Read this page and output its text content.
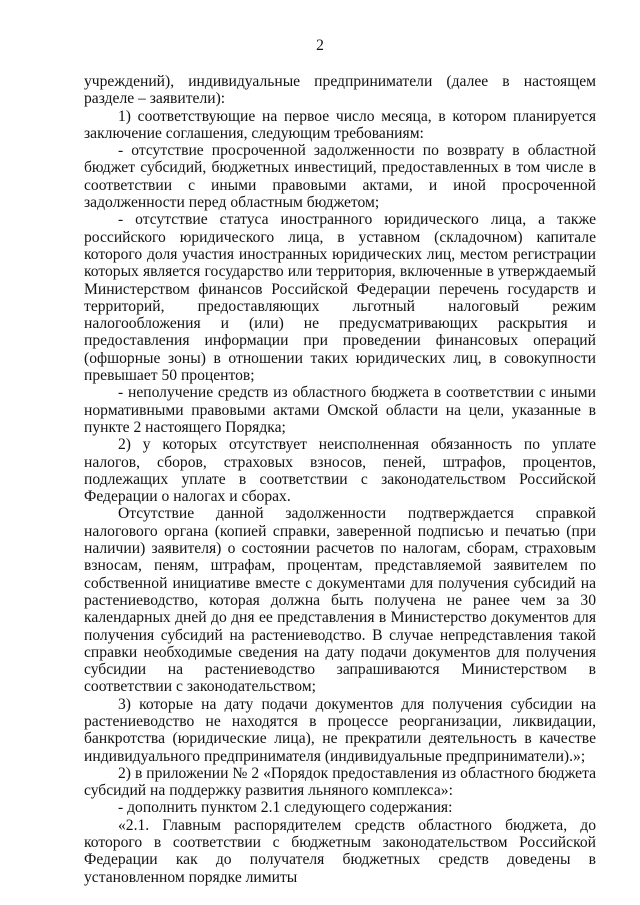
2

учреждений), индивидуальные предприниматели (далее в настоящем разделе – заявители):

1) соответствующие на первое число месяца, в котором планируется заключение соглашения, следующим требованиям:

- отсутствие просроченной задолженности по возврату в областной бюджет субсидий, бюджетных инвестиций, предоставленных в том числе в соответствии с иными правовыми актами, и иной просроченной задолженности перед областным бюджетом;

- отсутствие статуса иностранного юридического лица, а также российского юридического лица, в уставном (складочном) капитале которого доля участия иностранных юридических лиц, местом регистрации которых является государство или территория, включенные в утверждаемый Министерством финансов Российской Федерации перечень государств и территорий, предоставляющих льготный налоговый режим налогообложения и (или) не предусматривающих раскрытия и предоставления информации при проведении финансовых операций (офшорные зоны) в отношении таких юридических лиц, в совокупности превышает 50 процентов;

- неполучение средств из областного бюджета в соответствии с иными нормативными правовыми актами Омской области на цели, указанные в пункте 2 настоящего Порядка;

2) у которых отсутствует неисполненная обязанность по уплате налогов, сборов, страховых взносов, пеней, штрафов, процентов, подлежащих уплате в соответствии с законодательством Российской Федерации о налогах и сборах.

Отсутствие данной задолженности подтверждается справкой налогового органа (копией справки, заверенной подписью и печатью (при наличии) заявителя) о состоянии расчетов по налогам, сборам, страховым взносам, пеням, штрафам, процентам, представляемой заявителем по собственной инициативе вместе с документами для получения субсидий на растениеводство, которая должна быть получена не ранее чем за 30 календарных дней до дня ее представления в Министерство документов для получения субсидий на растениеводство. В случае непредставления такой справки необходимые сведения на дату подачи документов для получения субсидии на растениеводство запрашиваются Министерством в соответствии с законодательством;

3) которые на дату подачи документов для получения субсидии на растениеводство не находятся в процессе реорганизации, ликвидации, банкротства (юридические лица), не прекратили деятельность в качестве индивидуального предпринимателя (индивидуальные предприниматели).»;

2) в приложении № 2 «Порядок предоставления из областного бюджета субсидий на поддержку развития льняного комплекса»:

- дополнить пунктом 2.1 следующего содержания:

«2.1. Главным распорядителем средств областного бюджета, до которого в соответствии с бюджетным законодательством Российской Федерации как до получателя бюджетных средств доведены в установленном порядке лимиты
